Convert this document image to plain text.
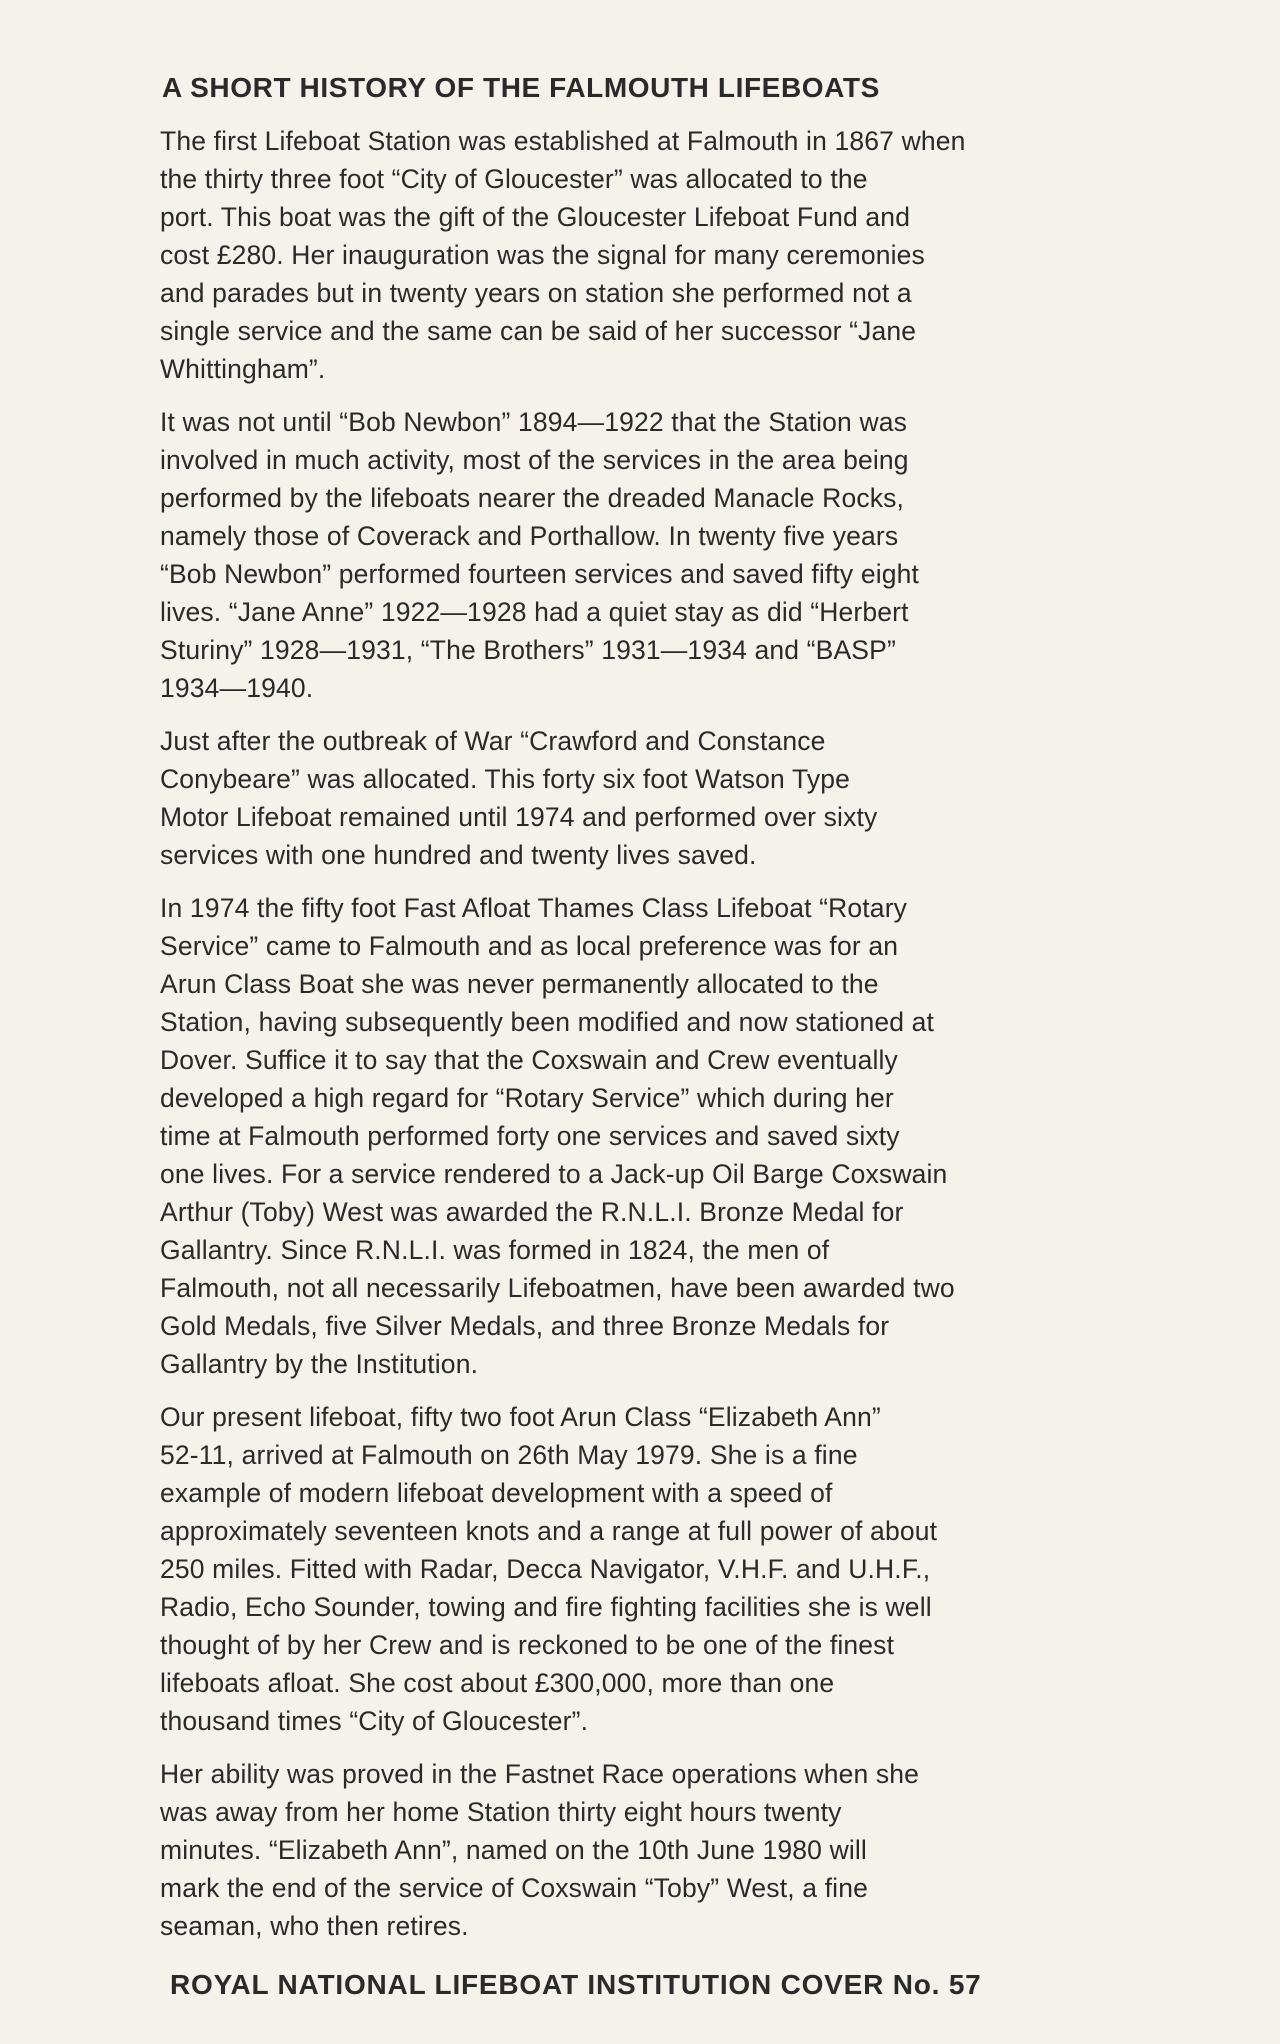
A SHORT HISTORY OF THE FALMOUTH LIFEBOATS

The first Lifeboat Station was established at Falmouth in 1867 when
the thirty three foot “City of Gloucester” was allocated to the
port. This boat was the gift of the Gloucester Lifeboat Fund and
cost £280. Her inauguration was the signal for many ceremonies
and parades but in twenty years on station she performed not a
single service and the same can be said of her successor “Jane
Whittingham”.

It was not until “Bob Newbon” 1894—1922 that the Station was
involved in much activity, most of the services in the area being
performed by the lifeboats nearer the dreaded Manacle Rocks,
namely those of Coverack and Porthallow. In twenty five years
“Bob Newbon” performed fourteen services and saved fifty eight
lives. “Jane Anne” 1922—1928 had a quiet stay as did “Herbert
Sturiny” 1928—1931, “The Brothers” 1931—1934 and “BASP”
1934—1940.

Just after the outbreak of War “Crawford and Constance
Conybeare” was allocated. This forty six foot Watson Type
Motor Lifeboat remained until 1974 and performed over sixty
services with one hundred and twenty lives saved.

In 1974 the fifty foot Fast Afloat Thames Class Lifeboat “Rotary
Service” came to Falmouth and as local preference was for an
Arun Class Boat she was never permanently allocated to the
Station, having subsequently been modified and now stationed at
Dover. Suffice it to say that the Coxswain and Crew eventually
developed a high regard for “Rotary Service” which during her
time at Falmouth performed forty one services and saved sixty
one lives. For a service rendered to a Jack-up Oil Barge Coxswain
Arthur (Toby) West was awarded the R.N.L.I. Bronze Medal for
Gallantry. Since R.N.L.I. was formed in 1824, the men of
Falmouth, not all necessarily Lifeboatmen, have been awarded two
Gold Medals, five Silver Medals, and three Bronze Medals for
Gallantry by the Institution.

Our present lifeboat, fifty two foot Arun Class “Elizabeth Ann”
52-11, arrived at Falmouth on 26th May 1979. She is a fine
example of modern lifeboat development with a speed of
approximately seventeen knots and a range at full power of about
250 miles. Fitted with Radar, Decca Navigator, V.H.F. and U.H.F.,
Radio, Echo Sounder, towing and fire fighting facilities she is well
thought of by her Crew and is reckoned to be one of the finest
lifeboats afloat. She cost about £300,000, more than one
thousand times “City of Gloucester”.

Her ability was proved in the Fastnet Race operations when she
was away from her home Station thirty eight hours twenty
minutes. “Elizabeth Ann”, named on the 10th June 1980 will
mark the end of the service of Coxswain “Toby” West, a fine
seaman, who then retires.

ROYAL NATIONAL LIFEBOAT INSTITUTION COVER No. 57
